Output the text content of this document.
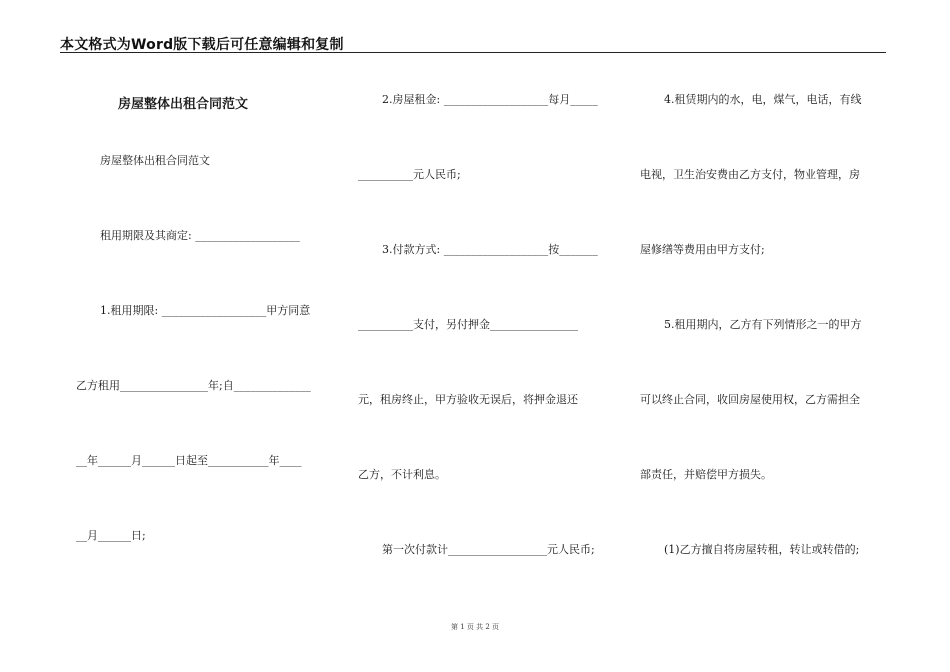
本文格式为Word版下载后可任意编辑和复制
房屋整体出租合同范文
房屋整体出租合同范文
租用期限及其商定: ___________________
1.租用期限: ___________________甲方同意
乙方租用________________年;自______________
__年______月______日起至___________年____
__月______日;
2.房屋租金: ___________________每月_____
__________元人民币;
3.付款方式: ___________________按_______
__________支付，另付押金________________
元，租房终止，甲方验收无误后，将押金退还
乙方，不计利息。
第一次付款计__________________元人民币;
4.租赁期内的水，电，煤气，电话，有线
电视，卫生治安费由乙方支付，物业管理，房
屋修缮等费用由甲方支付;
5.租用期内，乙方有下列情形之一的甲方
可以终止合同，收回房屋使用权，乙方需担全
部责任，并赔偿甲方损失。
(1)乙方擅自将房屋转租，转让或转借的;
第 1 页 共 2 页
